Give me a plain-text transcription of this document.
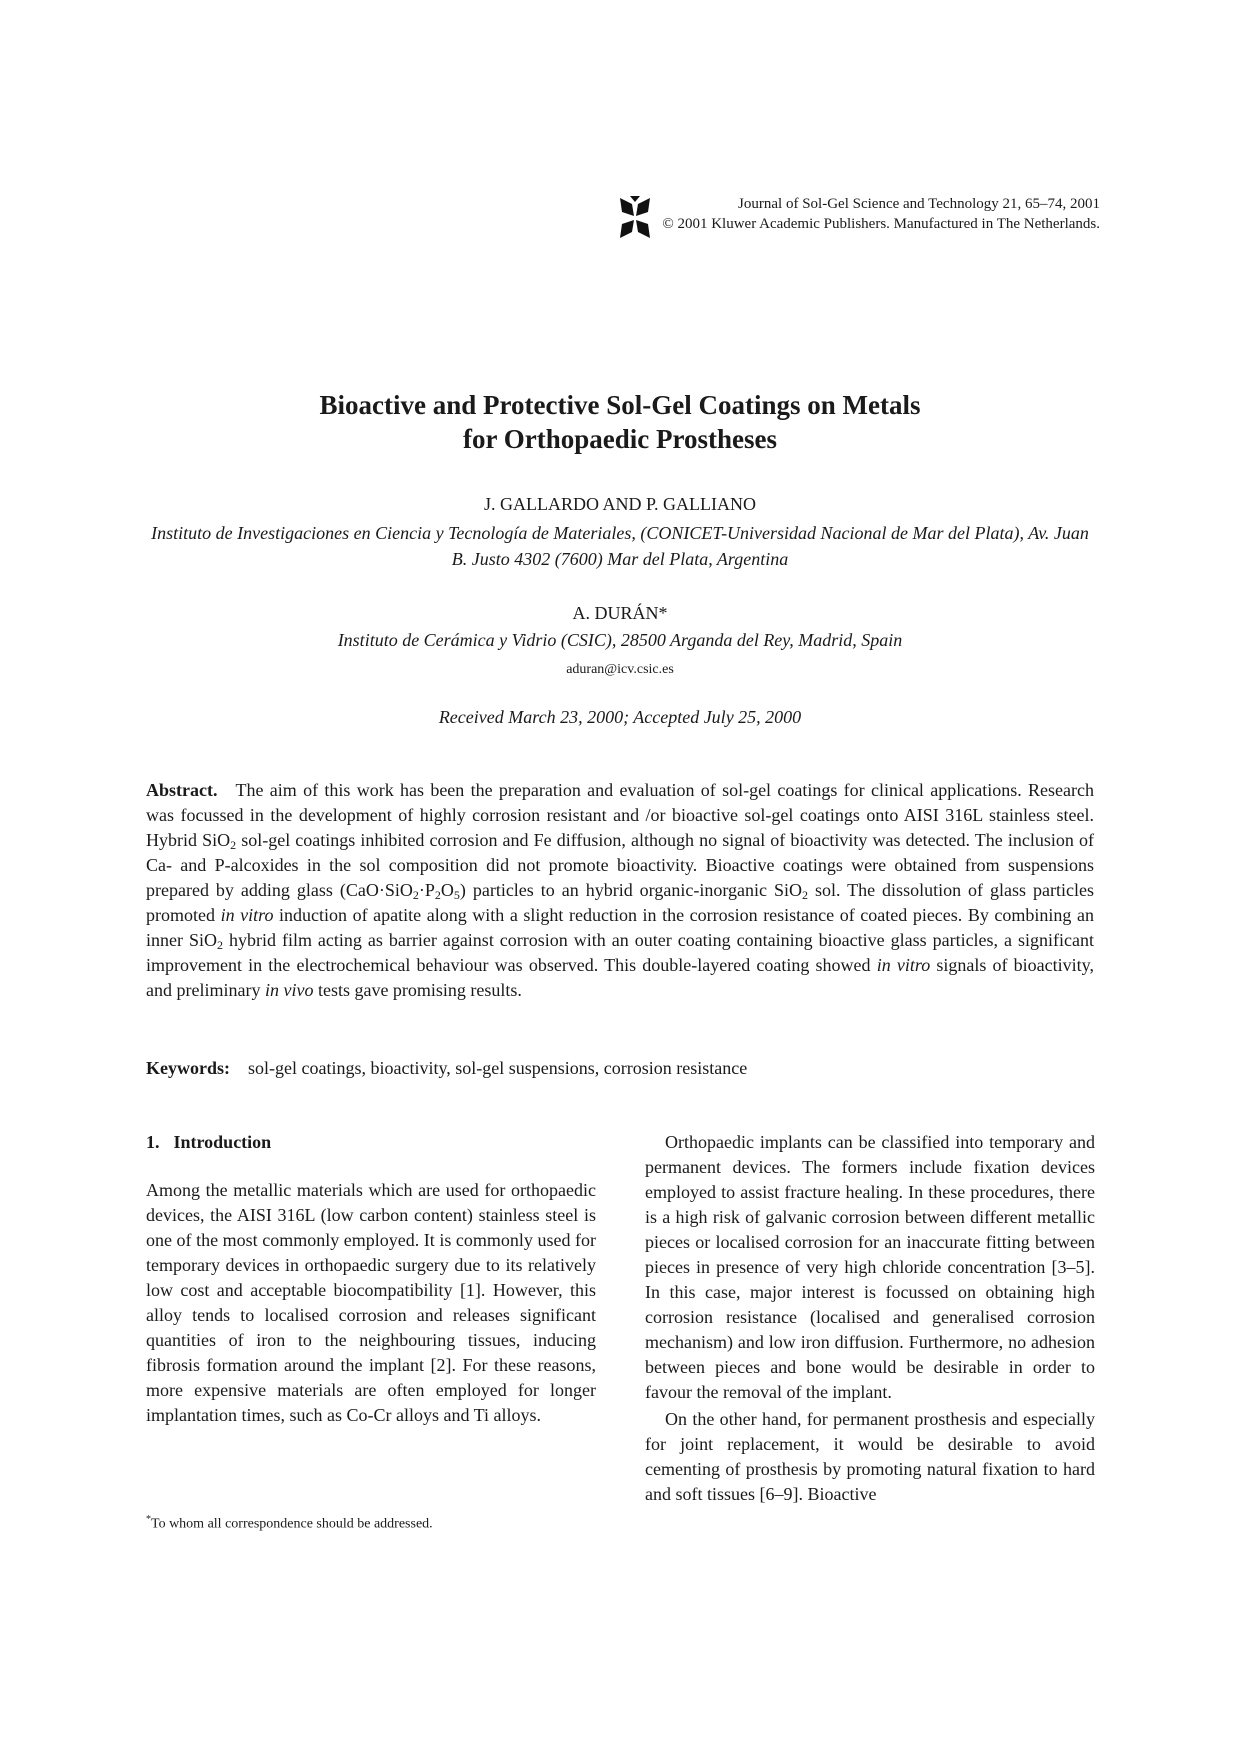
Journal of Sol-Gel Science and Technology 21, 65–74, 2001
© 2001 Kluwer Academic Publishers. Manufactured in The Netherlands.
Bioactive and Protective Sol-Gel Coatings on Metals
for Orthopaedic Prostheses
J. GALLARDO AND P. GALLIANO
Instituto de Investigaciones en Ciencia y Tecnología de Materiales, (CONICET-Universidad Nacional de Mar del Plata), Av. Juan B. Justo 4302 (7600) Mar del Plata, Argentina
A. DURÁN*
Instituto de Cerámica y Vidrio (CSIC), 28500 Arganda del Rey, Madrid, Spain
aduran@icv.csic.es
Received March 23, 2000; Accepted July 25, 2000
Abstract. The aim of this work has been the preparation and evaluation of sol-gel coatings for clinical applications. Research was focussed in the development of highly corrosion resistant and /or bioactive sol-gel coatings onto AISI 316L stainless steel. Hybrid SiO$_2$ sol-gel coatings inhibited corrosion and Fe diffusion, although no signal of bioactivity was detected. The inclusion of Ca- and P-alcoxides in the sol composition did not promote bioactivity. Bioactive coatings were obtained from suspensions prepared by adding glass $(CaO\cdot SiO_2\cdot P_2O_5)$ particles to an hybrid organic-inorganic SiO$_2$ sol. The dissolution of glass particles promoted in vitro induction of apatite along with a slight reduction in the corrosion resistance of coated pieces. By combining an inner SiO$_2$ hybrid film acting as barrier against corrosion with an outer coating containing bioactive glass particles, a significant improvement in the electrochemical behaviour was observed. This double-layered coating showed in vitro signals of bioactivity, and preliminary in vivo tests gave promising results.
Keywords: sol-gel coatings, bioactivity, sol-gel suspensions, corrosion resistance
1. Introduction

Among the metallic materials which are used for orthopaedic devices, the AISI 316L (low carbon content) stainless steel is one of the most commonly employed. It is commonly used for temporary devices in orthopaedic surgery due to its relatively low cost and acceptable biocompatibility [1]. However, this alloy tends to localised corrosion and releases significant quantities of iron to the neighbouring tissues, inducing fibrosis formation around the implant [2]. For these reasons, more expensive materials are often employed for longer implantation times, such as Co-Cr alloys and Ti alloys.

Orthopaedic implants can be classified into temporary and permanent devices. The formers include fixation devices employed to assist fracture healing. In these procedures, there is a high risk of galvanic corrosion between different metallic pieces or localised corrosion for an inaccurate fitting between pieces in presence of very high chloride concentration [3–5]. In this case, major interest is focussed on obtaining high corrosion resistance (localised and generalised corrosion mechanism) and low iron diffusion. Furthermore, no adhesion between pieces and bone would be desirable in order to favour the removal of the implant.

On the other hand, for permanent prosthesis and especially for joint replacement, it would be desirable to avoid cementing of prosthesis by promoting natural fixation to hard and soft tissues [6–9]. Bioactive

*To whom all correspondence should be addressed.
